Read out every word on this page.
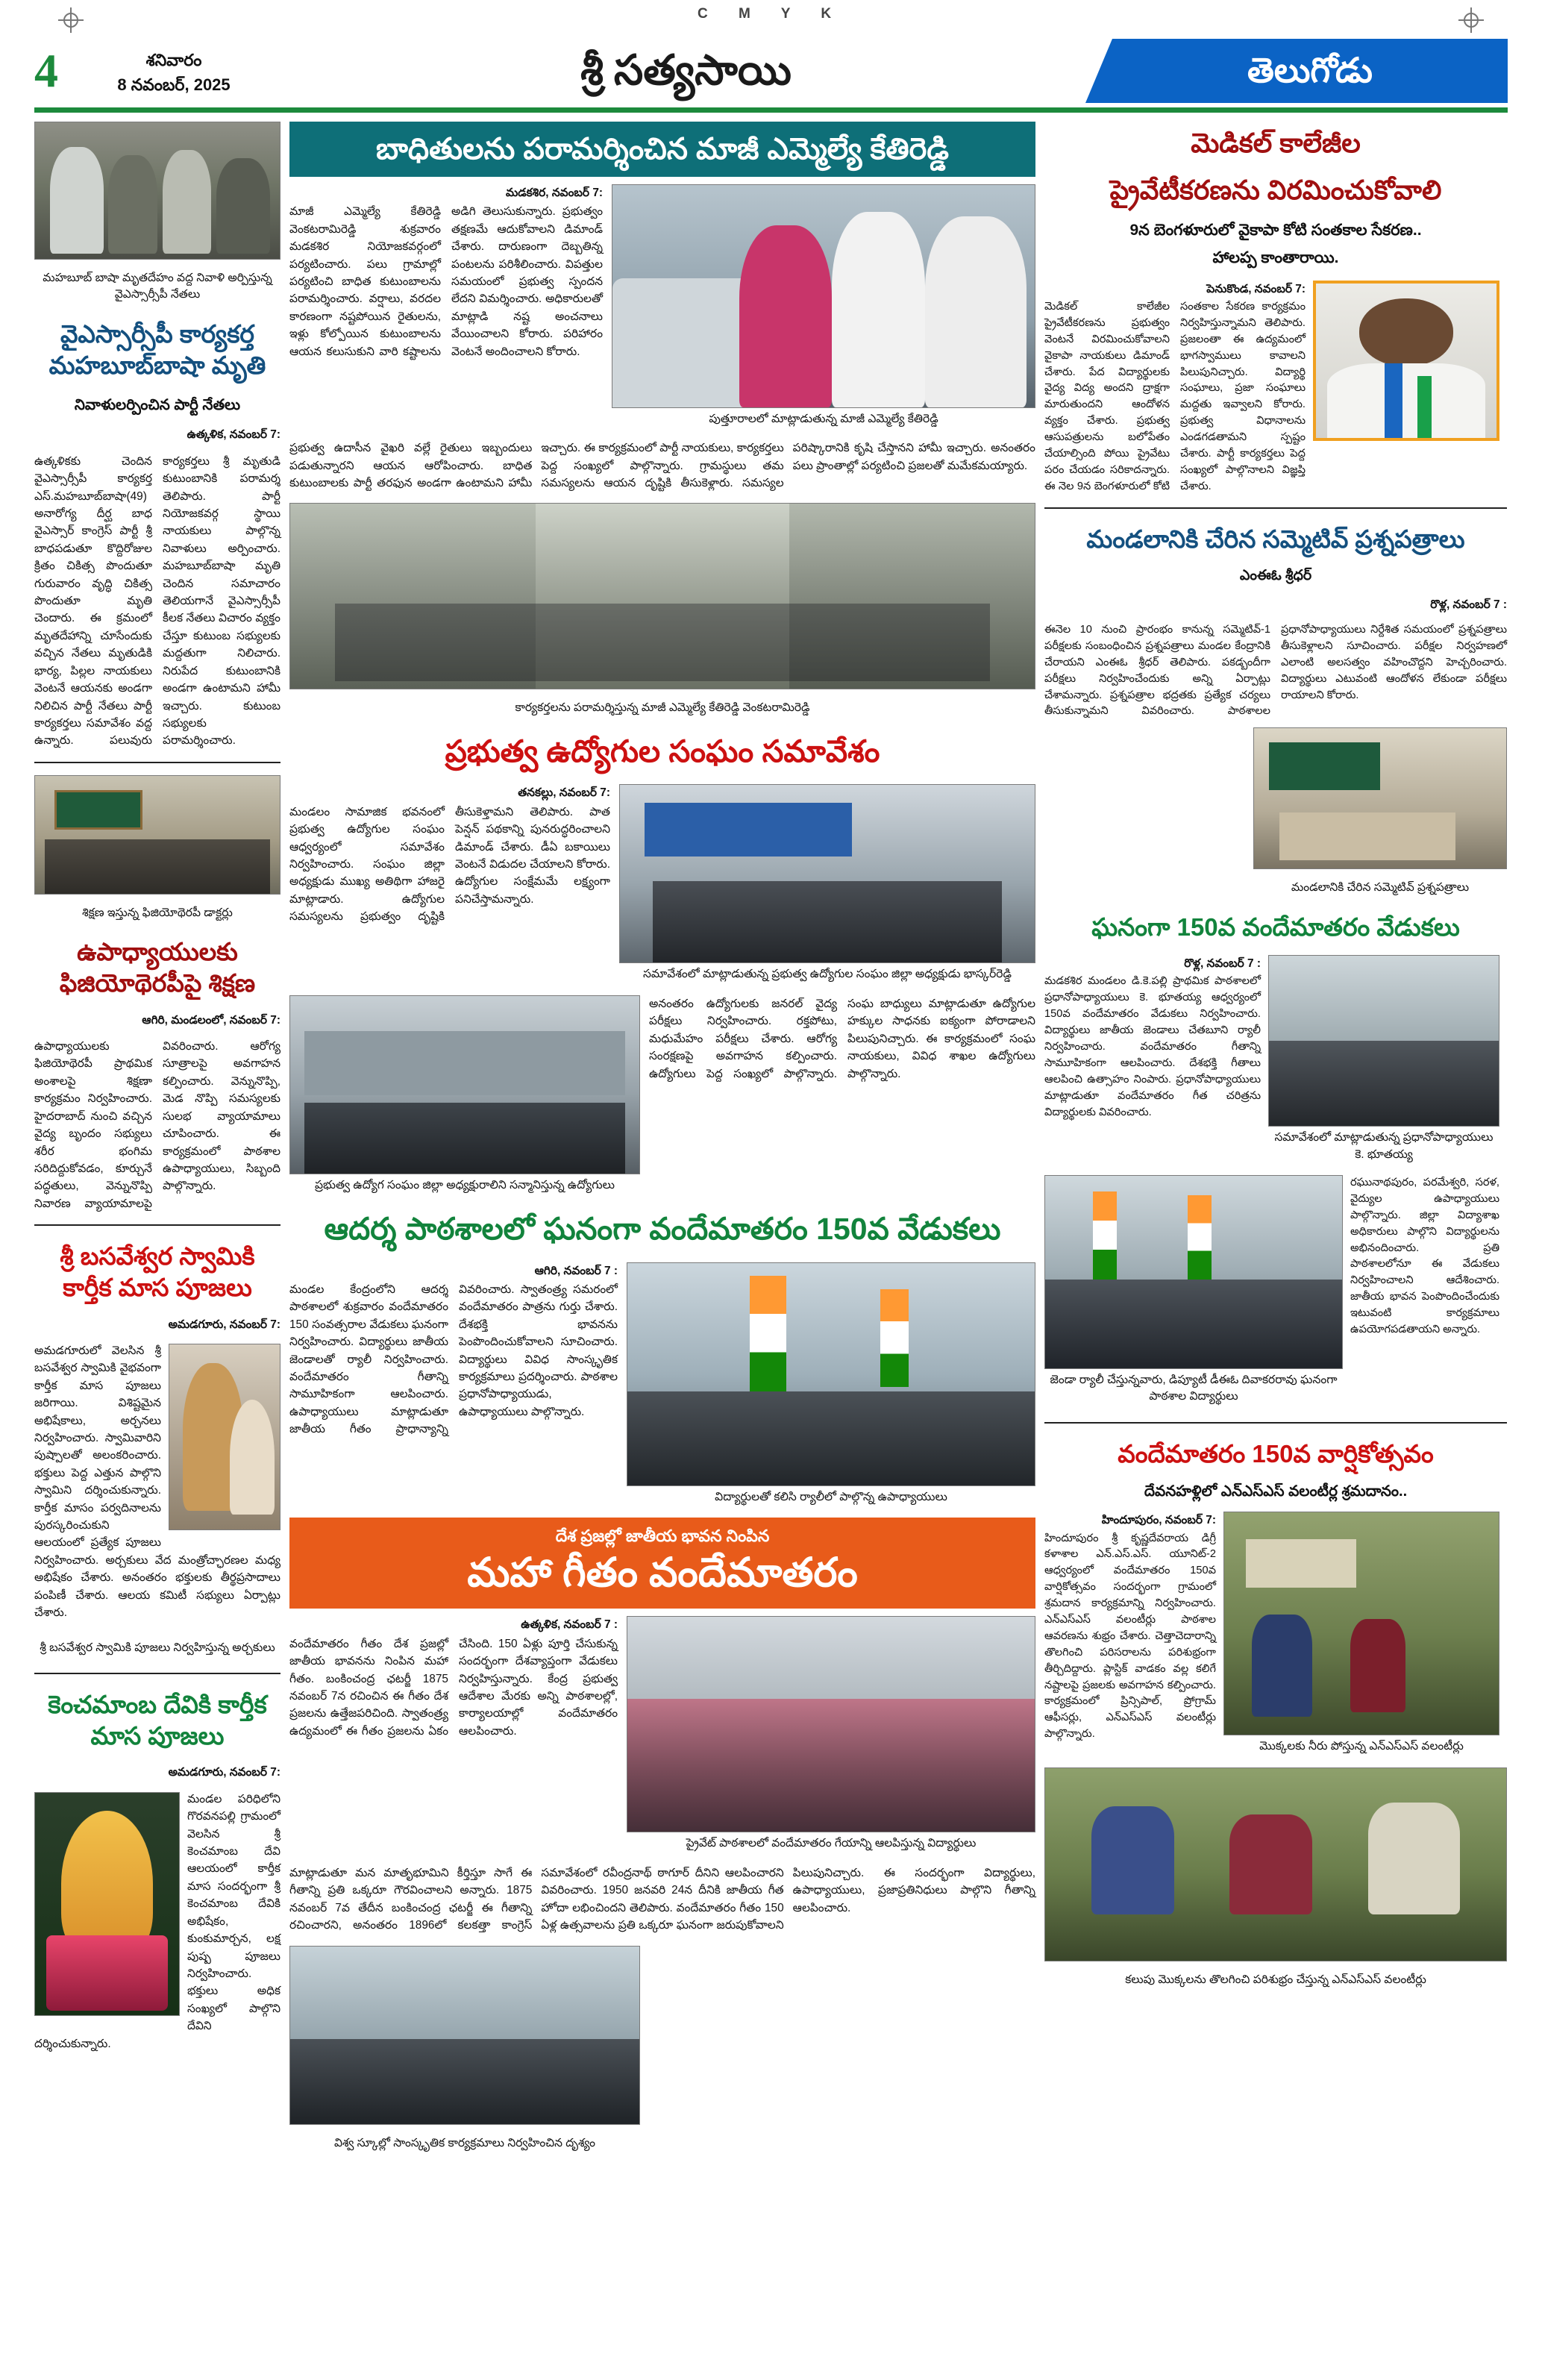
C M Y K
4	శనివారం
8 నవంబర్, 2025	శ్రీ సత్యసాయి	తెలుగోడు
మహబూబ్ బాషా మృతదేహం వద్ద నివాళి అర్పిస్తున్న వైఎస్సార్సీపీ నేతలు
వైఎస్సార్సీపీ కార్యకర్త మహబూబ్‌బాషా మృతి
నివాళులర్పించిన పార్టీ నేతలు
ఉత్కళిక, నవంబర్ 7:
ఉత్కళికకు చెందిన వైఎస్సార్సీపీ కార్యకర్త ఎస్.మహబూబ్‌బాషా(49) అనారోగ్య దీర్ఘ బాధ వైఎస్సార్ కాంగ్రెస్ పార్టీ శ్రీ బాధపడుతూ కొద్దిరోజుల క్రితం చికిత్స పొందుతూ గురువారం వృద్ధి చికిత్స పొందుతూ మృతి చెందారు. ఈ క్రమంలో మృతదేహాన్ని చూసేందుకు వచ్చిన నేతలు మృతుడికి భార్య, పిల్లల నాయకులు వెంటనే ఆయనకు అండగా నిలిచిన పార్టీ నేతలు పార్టీ కార్యకర్తలు సమావేశం వద్ద ఉన్నారు. పలువురు కార్యకర్తలు శ్రీ మృతుడి కుటుంబానికి పరామర్శ తెలిపారు. పార్టీ నియోజకవర్గ స్థాయి నాయకులు పాల్గొన్న నివాళులు అర్పించారు. మహబూబ్‌బాషా మృతి చెందిన సమాచారం తెలియగానే వైఎస్సార్సీపీ కీలక నేతలు విచారం వ్యక్తం చేస్తూ కుటుంబ సభ్యులకు మద్దతుగా నిలిచారు. నిరుపేద కుటుంబానికి అండగా ఉంటామని హామీ ఇచ్చారు. కుటుంబ సభ్యులకు పరామర్శించారు.
శిక్షణ ఇస్తున్న ఫిజియోథెరపీ డాక్టర్లు
ఉపాధ్యాయులకు ఫిజియోథెరపీపై శిక్షణ
ఆగిరి, మండలంలో, నవంబర్ 7:
ఉపాధ్యాయులకు ఫిజియోథెరపీ ప్రాథమిక అంశాలపై శిక్షణా కార్యక్రమం నిర్వహించారు. హైదరాబాద్ నుంచి వచ్చిన వైద్య బృందం సభ్యులు శరీర భంగిమ సరిదిద్దుకోవడం, కూర్చునే పద్ధతులు, వెన్నునొప్పి నివారణ వ్యాయామాలపై వివరించారు. ఆరోగ్య సూత్రాలపై అవగాహన కల్పించారు. వెన్నునొప్పి, మెడ నొప్పి సమస్యలకు సులభ వ్యాయామాలు చూపించారు. ఈ కార్యక్రమంలో పాఠశాల ఉపాధ్యాయులు, సిబ్బంది పాల్గొన్నారు.
శ్రీ బసవేశ్వర స్వామికి కార్తీక మాస పూజలు
అమడగూరు, నవంబర్ 7:
అమడగూరులో వెలసిన శ్రీ బసవేశ్వర స్వామికి వైభవంగా కార్తీక మాస పూజలు జరిగాయి. విశిష్టమైన అభిషేకాలు, అర్చనలు నిర్వహించారు. స్వామివారిని పుష్పాలతో అలంకరించారు. భక్తులు పెద్ద ఎత్తున పాల్గొని స్వామిని దర్శించుకున్నారు. కార్తీక మాసం పర్వదినాలను పురస్కరించుకుని ఆలయంలో ప్రత్యేక పూజలు నిర్వహించారు. అర్చకులు వేద మంత్రోచ్ఛారణల మధ్య అభిషేకం చేశారు. అనంతరం భక్తులకు తీర్థప్రసాదాలు పంపిణీ చేశారు. ఆలయ కమిటీ సభ్యులు ఏర్పాట్లు చేశారు.
శ్రీ బసవేశ్వర స్వామికి పూజలు నిర్వహిస్తున్న అర్చకులు
కెంచమాంబ దేవికి కార్తీక మాస పూజలు
అమడగూరు, నవంబర్ 7:
మండల పరిధిలోని గొరవనపల్లి గ్రామంలో వెలసిన శ్రీ కెంచమాంబ దేవి ఆలయంలో కార్తీక మాస సందర్భంగా శ్రీ కెంచమాంబ దేవికి అభిషేకం, కుంకుమార్చన, లక్ష పుష్ప పూజలు నిర్వహించారు. భక్తులు అధిక సంఖ్యలో పాల్గొని దేవిని దర్శించుకున్నారు.
బాధితులను పరామర్శించిన మాజీ ఎమ్మెల్యే కేతిరెడ్డి
మడకశిర, నవంబర్ 7:
మాజీ ఎమ్మెల్యే కేతిరెడ్డి వెంకటరామిరెడ్డి శుక్రవారం మడకశిర నియోజకవర్గంలో పర్యటించారు. పలు గ్రామాల్లో పర్యటించి బాధిత కుటుంబాలను పరామర్శించారు. వర్షాలు, వరదల కారణంగా నష్టపోయిన రైతులను, ఇళ్లు కోల్పోయిన కుటుంబాలను ఆయన కలుసుకుని వారి కష్టాలను అడిగి తెలుసుకున్నారు. ప్రభుత్వం తక్షణమే ఆదుకోవాలని డిమాండ్ చేశారు. దారుణంగా దెబ్బతిన్న పంటలను పరిశీలించారు. విపత్తుల సమయంలో ప్రభుత్వ స్పందన లేదని విమర్శించారు. అధికారులతో మాట్లాడి నష్ట అంచనాలు వేయించాలని కోరారు. పరిహారం వెంటనే అందించాలని కోరారు.
పుత్తూరాలలో మాట్లాడుతున్న మాజీ ఎమ్మెల్యే కేతిరెడ్డి
ప్రభుత్వ ఉదాసీన వైఖరి వల్లే రైతులు ఇబ్బందులు పడుతున్నారని ఆయన ఆరోపించారు. బాధిత కుటుంబాలకు పార్టీ తరఫున అండగా ఉంటామని హామీ ఇచ్చారు. ఈ కార్యక్రమంలో పార్టీ నాయకులు, కార్యకర్తలు పెద్ద సంఖ్యలో పాల్గొన్నారు. గ్రామస్థులు తమ సమస్యలను ఆయన దృష్టికి తీసుకెళ్లారు. సమస్యల పరిష్కారానికి కృషి చేస్తానని హామీ ఇచ్చారు. అనంతరం పలు ప్రాంతాల్లో పర్యటించి ప్రజలతో మమేకమయ్యారు.
కార్యకర్తలను పరామర్శిస్తున్న మాజీ ఎమ్మెల్యే కేతిరెడ్డి వెంకటరామిరెడ్డి
ప్రభుత్వ ఉద్యోగుల సంఘం సమావేశం
తనకల్లు, నవంబర్ 7:
మండలం సామాజిక భవనంలో ప్రభుత్వ ఉద్యోగుల సంఘం ఆధ్వర్యంలో సమావేశం నిర్వహించారు. సంఘం జిల్లా అధ్యక్షుడు ముఖ్య అతిథిగా హాజరై మాట్లాడారు. ఉద్యోగుల సమస్యలను ప్రభుత్వం దృష్టికి తీసుకెళ్తామని తెలిపారు. పాత పెన్షన్ పథకాన్ని పునరుద్ధరించాలని డిమాండ్ చేశారు. డీఏ బకాయిలు వెంటనే విడుదల చేయాలని కోరారు. ఉద్యోగుల సంక్షేమమే లక్ష్యంగా పనిచేస్తామన్నారు.
సమావేశంలో మాట్లాడుతున్న ప్రభుత్వ ఉద్యోగుల సంఘం జిల్లా అధ్యక్షుడు భాస్కర్‌రెడ్డి
ప్రభుత్వ ఉద్యోగ సంఘం జిల్లా అధ్యక్షురాలిని సన్మానిస్తున్న ఉద్యోగులు
అనంతరం ఉద్యోగులకు జనరల్ వైద్య పరీక్షలు నిర్వహించారు. రక్తపోటు, మధుమేహం పరీక్షలు చేశారు. ఆరోగ్య సంరక్షణపై అవగాహన కల్పించారు. ఉద్యోగులు పెద్ద సంఖ్యలో పాల్గొన్నారు. సంఘ బాధ్యులు మాట్లాడుతూ ఉద్యోగుల హక్కుల సాధనకు ఐక్యంగా పోరాడాలని పిలుపునిచ్చారు. ఈ కార్యక్రమంలో సంఘ నాయకులు, వివిధ శాఖల ఉద్యోగులు పాల్గొన్నారు.
ఆదర్శ పాఠశాలలో ఘనంగా వందేమాతరం 150వ వేడుకలు
ఆగిరి, నవంబర్ 7 :
మండల కేంద్రంలోని ఆదర్శ పాఠశాలలో శుక్రవారం వందేమాతరం 150 సంవత్సరాల వేడుకలు ఘనంగా నిర్వహించారు. విద్యార్థులు జాతీయ జెండాలతో ర్యాలీ నిర్వహించారు. వందేమాతరం గీతాన్ని సామూహికంగా ఆలపించారు. ఉపాధ్యాయులు మాట్లాడుతూ జాతీయ గీతం ప్రాధాన్యాన్ని వివరించారు. స్వాతంత్ర్య సమరంలో వందేమాతరం పాత్రను గుర్తు చేశారు. దేశభక్తి భావనను పెంపొందించుకోవాలని సూచించారు. విద్యార్థులు వివిధ సాంస్కృతిక కార్యక్రమాలు ప్రదర్శించారు. పాఠశాల ప్రధానోపాధ్యాయుడు, ఉపాధ్యాయులు పాల్గొన్నారు.
విద్యార్థులతో కలిసి ర్యాలీలో పాల్గొన్న ఉపాధ్యాయులు
దేశ ప్రజల్లో జాతీయ భావన నింపిన
మహా గీతం వందేమాతరం
ఉత్కళిక, నవంబర్ 7 :
వందేమాతరం గీతం దేశ ప్రజల్లో జాతీయ భావనను నింపిన మహా గీతం. బంకించంద్ర ఛటర్జీ 1875 నవంబర్ 7న రచించిన ఈ గీతం దేశ ప్రజలను ఉత్తేజపరిచింది. స్వాతంత్ర్య ఉద్యమంలో ఈ గీతం ప్రజలను ఏకం చేసింది. 150 ఏళ్లు పూర్తి చేసుకున్న సందర్భంగా దేశవ్యాప్తంగా వేడుకలు నిర్వహిస్తున్నారు. కేంద్ర ప్రభుత్వ ఆదేశాల మేరకు అన్ని పాఠశాలల్లో, కార్యాలయాల్లో వందేమాతరం ఆలపించారు.
ప్రైవేట్ పాఠశాలలో వందేమాతరం గేయాన్ని ఆలపిస్తున్న విద్యార్థులు
మాట్లాడుతూ మన మాతృభూమిని కీర్తిస్తూ సాగే ఈ గీతాన్ని ప్రతి ఒక్కరూ గౌరవించాలని అన్నారు. 1875 నవంబర్ 7వ తేదీన బంకించంద్ర ఛటర్జీ ఈ గీతాన్ని రచించారని, అనంతరం 1896లో కలకత్తా కాంగ్రెస్ సమావేశంలో రవీంద్రనాథ్ ఠాగూర్ దీనిని ఆలపించారని వివరించారు. 1950 జనవరి 24న దీనికి జాతీయ గీత హోదా లభించిందని తెలిపారు. వందేమాతరం గీతం 150 ఏళ్ల ఉత్సవాలను ప్రతి ఒక్కరూ ఘనంగా జరుపుకోవాలని పిలుపునిచ్చారు. ఈ సందర్భంగా విద్యార్థులు, ఉపాధ్యాయులు, ప్రజాప్రతినిధులు పాల్గొని గీతాన్ని ఆలపించారు.
విశ్వ స్కూల్లో సాంస్కృతిక కార్యక్రమాలు నిర్వహించిన దృశ్యం
మెడికల్ కాలేజీల
ప్రైవేటీకరణను విరమించుకోవాలి
9న బెంగళూరులో వైకాపా కోటి సంతకాల సేకరణ..
హాలప్ప కాంతారాయి.
పెనుకొండ, నవంబర్ 7:
మెడికల్ కాలేజీల ప్రైవేటీకరణను ప్రభుత్వం వెంటనే విరమించుకోవాలని వైకాపా నాయకులు డిమాండ్ చేశారు. పేద విద్యార్థులకు వైద్య విద్య అందని ద్రాక్షగా మారుతుందని ఆందోళన వ్యక్తం చేశారు. ప్రభుత్వ ఆసుపత్రులను బలోపేతం చేయాల్సింది పోయి ప్రైవేటు పరం చేయడం సరికాదన్నారు. ఈ నెల 9న బెంగళూరులో కోటి సంతకాల సేకరణ కార్యక్రమం నిర్వహిస్తున్నామని తెలిపారు. ప్రజలంతా ఈ ఉద్యమంలో భాగస్వాములు కావాలని పిలుపునిచ్చారు. విద్యార్థి సంఘాలు, ప్రజా సంఘాలు మద్దతు ఇవ్వాలని కోరారు. ప్రభుత్వ విధానాలను ఎండగడతామని స్పష్టం చేశారు. పార్టీ కార్యకర్తలు పెద్ద సంఖ్యలో పాల్గొనాలని విజ్ఞప్తి చేశారు.
మండలానికి చేరిన సమ్మెటివ్ ప్రశ్నపత్రాలు
ఎంఈఓ శ్రీధర్
రొళ్ల, నవంబర్ 7 :
ఈనెల 10 నుంచి ప్రారంభం కానున్న సమ్మెటివ్-1 పరీక్షలకు సంబంధించిన ప్రశ్నపత్రాలు మండల కేంద్రానికి చేరాయని ఎంఈఓ శ్రీధర్ తెలిపారు. పకడ్బందీగా పరీక్షలు నిర్వహించేందుకు అన్ని ఏర్పాట్లు చేశామన్నారు. ప్రశ్నపత్రాల భద్రతకు ప్రత్యేక చర్యలు తీసుకున్నామని వివరించారు. పాఠశాలల ప్రధానోపాధ్యాయులు నిర్దేశిత సమయంలో ప్రశ్నపత్రాలు తీసుకెళ్లాలని సూచించారు. పరీక్షల నిర్వహణలో ఎలాంటి అలసత్వం వహించొద్దని హెచ్చరించారు. విద్యార్థులు ఎటువంటి ఆందోళన లేకుండా పరీక్షలు రాయాలని కోరారు.
మండలానికి చేరిన సమ్మెటివ్ ప్రశ్నపత్రాలు
ఘనంగా 150వ వందేమాతరం వేడుకలు
రొళ్ల, నవంబర్ 7 :
మడకశిర మండలం డి.కె.పల్లి ప్రాథమిక పాఠశాలలో ప్రధానోపాధ్యాయులు కె. భూతయ్య ఆధ్వర్యంలో 150వ వందేమాతరం వేడుకలు నిర్వహించారు. విద్యార్థులు జాతీయ జెండాలు చేతబూని ర్యాలీ నిర్వహించారు. వందేమాతరం గీతాన్ని సామూహికంగా ఆలపించారు. దేశభక్తి గీతాలు ఆలపించి ఉత్సాహం నింపారు. ప్రధానోపాధ్యాయులు మాట్లాడుతూ వందేమాతరం గీత చరిత్రను విద్యార్థులకు వివరించారు.
సమావేశంలో మాట్లాడుతున్న ప్రధానోపాధ్యాయులు కె. భూతయ్య
జెండా ర్యాలీ చేస్తున్నవారు, డిప్యూటీ డీఈఓ దివాకరరావు ఘనంగా పాఠశాల విద్యార్థులు
రఘునాథపురం, పరమేశ్వరి, సరళ, వైద్యుల ఉపాధ్యాయులు పాల్గొన్నారు. జిల్లా విద్యాశాఖ అధికారులు పాల్గొని విద్యార్థులను అభినందించారు. ప్రతి పాఠశాలలోనూ ఈ వేడుకలు నిర్వహించాలని ఆదేశించారు. జాతీయ భావన పెంపొందించేందుకు ఇటువంటి కార్యక్రమాలు ఉపయోగపడతాయని అన్నారు.
వందేమాతరం 150వ వార్షికోత్సవం
దేవనహళ్లిలో ఎన్ఎస్ఎస్ వలంటీర్ల శ్రమదానం..
హిందూపురం, నవంబర్ 7:
హిందూపురం శ్రీ కృష్ణదేవరాయ డిగ్రీ కళాశాల ఎన్.ఎస్.ఎస్. యూనిట్-2 ఆధ్వర్యంలో వందేమాతరం 150వ వార్షికోత్సవం సందర్భంగా గ్రామంలో శ్రమదాన కార్యక్రమాన్ని నిర్వహించారు. ఎన్ఎస్ఎస్ వలంటీర్లు పాఠశాల ఆవరణను శుభ్రం చేశారు. చెత్తాచెదారాన్ని తొలగించి పరిసరాలను పరిశుభ్రంగా తీర్చిదిద్దారు. ప్లాస్టిక్ వాడకం వల్ల కలిగే నష్టాలపై ప్రజలకు అవగాహన కల్పించారు. కార్యక్రమంలో ప్రిన్సిపాల్, ప్రోగ్రామ్ ఆఫీసర్లు, ఎన్ఎస్ఎస్ వలంటీర్లు పాల్గొన్నారు.
మొక్కలకు నీరు పోస్తున్న ఎన్ఎస్ఎస్ వలంటీర్లు
కలుపు మొక్కలను తొలగించి పరిశుభ్రం చేస్తున్న ఎన్ఎస్ఎస్ వలంటీర్లు
